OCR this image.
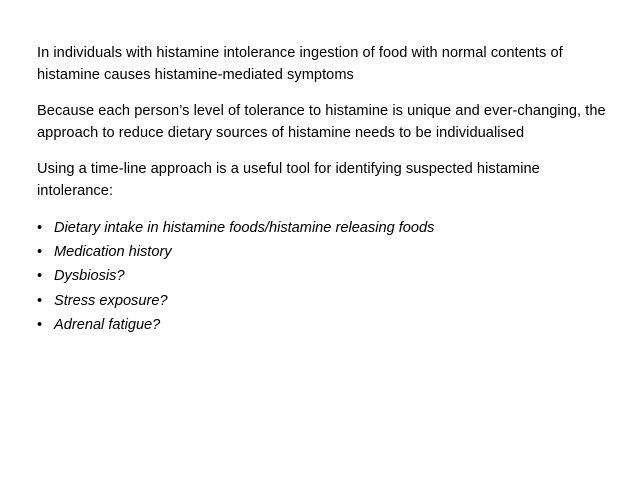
In individuals with histamine intolerance ingestion of food with normal contents of histamine causes histamine-mediated symptoms

Because each person’s level of tolerance to histamine is unique and ever-changing, the approach to reduce dietary sources of histamine needs to be individualised

Using a time-line approach is a useful tool for identifying suspected histamine intolerance:

• Dietary intake in histamine foods/histamine releasing foods
• Medication history
• Dysbiosis?
• Stress exposure?
• Adrenal fatigue?
